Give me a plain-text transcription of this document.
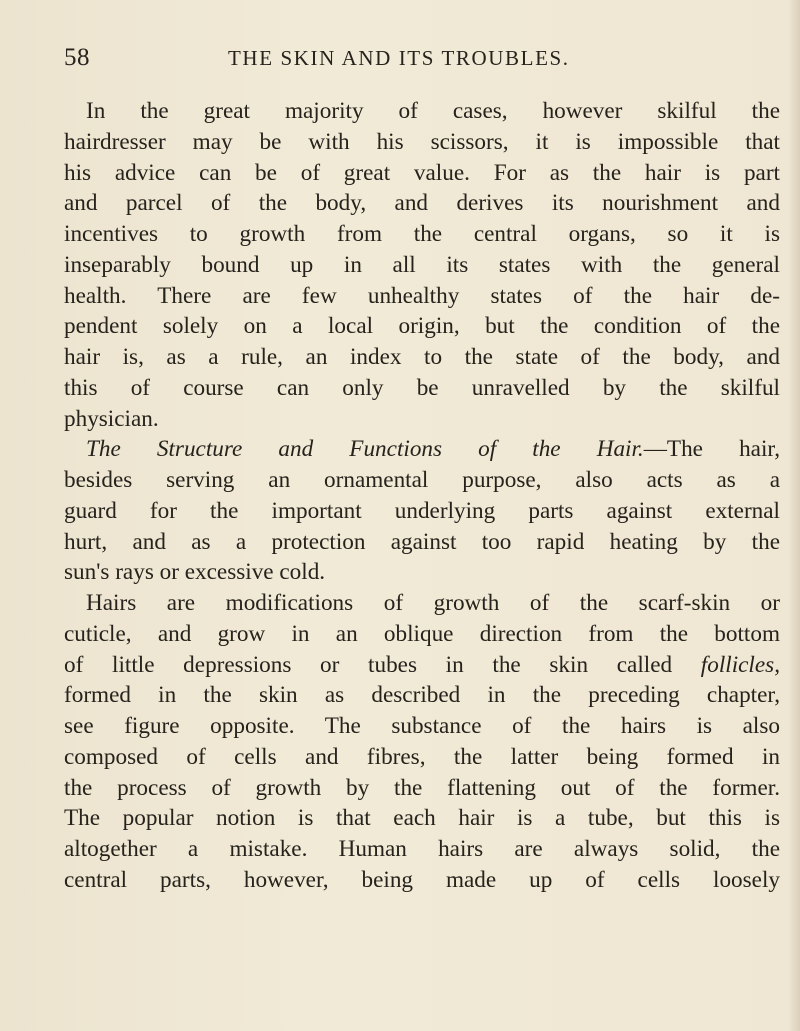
58	THE SKIN AND ITS TROUBLES.
In the great majority of cases, however skilful the
hairdresser may be with his scissors, it is impossible that
his advice can be of great value. For as the hair is part
and parcel of the body, and derives its nourishment and
incentives to growth from the central organs, so it is
inseparably bound up in all its states with the general
health. There are few unhealthy states of the hair de-
pendent solely on a local origin, but the condition of the
hair is, as a rule, an index to the state of the body, and
this of course can only be unravelled by the skilful
physician.
The Structure and Functions of the Hair.—The hair,
besides serving an ornamental purpose, also acts as a
guard for the important underlying parts against external
hurt, and as a protection against too rapid heating by the
sun's rays or excessive cold.
Hairs are modifications of growth of the scarf-skin or
cuticle, and grow in an oblique direction from the bottom
of little depressions or tubes in the skin called follicles,
formed in the skin as described in the preceding chapter,
see figure opposite. The substance of the hairs is also
composed of cells and fibres, the latter being formed in
the process of growth by the flattening out of the former.
The popular notion is that each hair is a tube, but this is
altogether a mistake. Human hairs are always solid, the
central parts, however, being made up of cells loosely
